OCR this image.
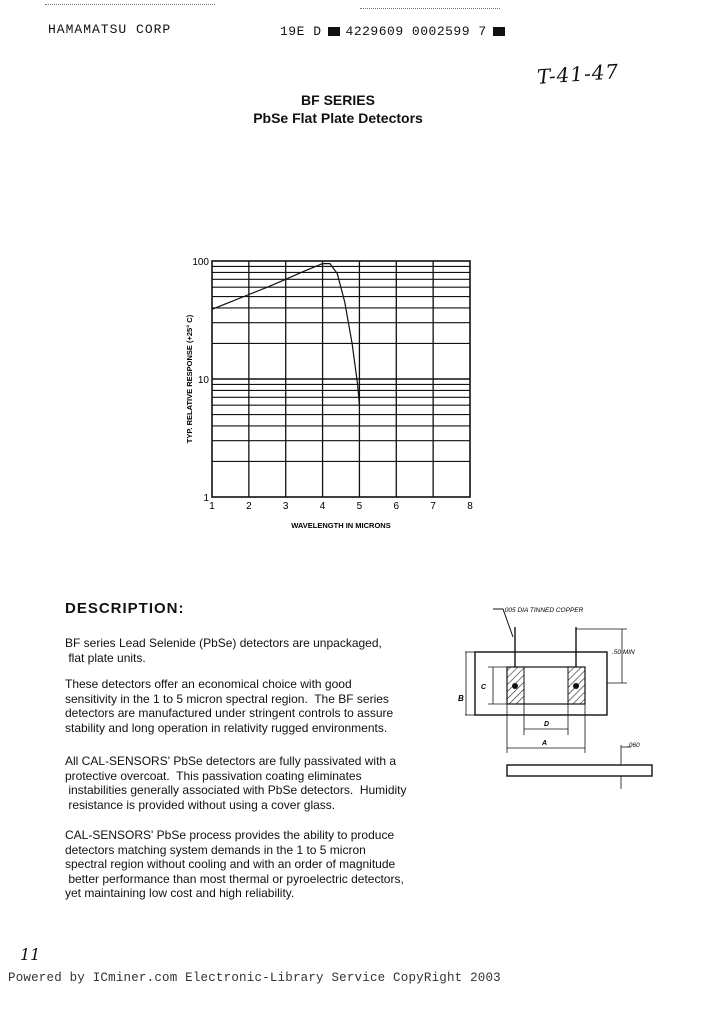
HAMAMATSU CORP	19E D 4229609 0002599 7
T-41-47
BF SERIES
PbSe Flat Plate Detectors
1	2	3	4	5	6	7	8
1
10
100
WAVELENGTH IN MICRONS
TYP. RELATIVE RESPONSE (+25° C)
DESCRIPTION:
BF series Lead Selenide (PbSe) detectors are unpackaged,
flat plate units.
These detectors offer an economical choice with good
sensitivity in the 1 to 5 micron spectral region.  The BF series
detectors are manufactured under stringent controls to assure
stability and long operation in relativity rugged environments.
All CAL-SENSORS' PbSe detectors are fully passivated with a
protective overcoat.  This passivation coating eliminates
instabilities generally associated with PbSe detectors.  Humidity
resistance is provided without using a cover glass.
CAL-SENSORS' PbSe process provides the ability to produce
detectors matching system demands in the 1 to 5 micron
spectral region without cooling and with an order of magnitude
better performance than most thermal or pyroelectric detectors,
yet maintaining low cost and high reliability.
.005 DIA TINNED COPPER
.50 MIN
B
C
D
A	.060
11
Powered by ICminer.com Electronic-Library Service CopyRight 2003
